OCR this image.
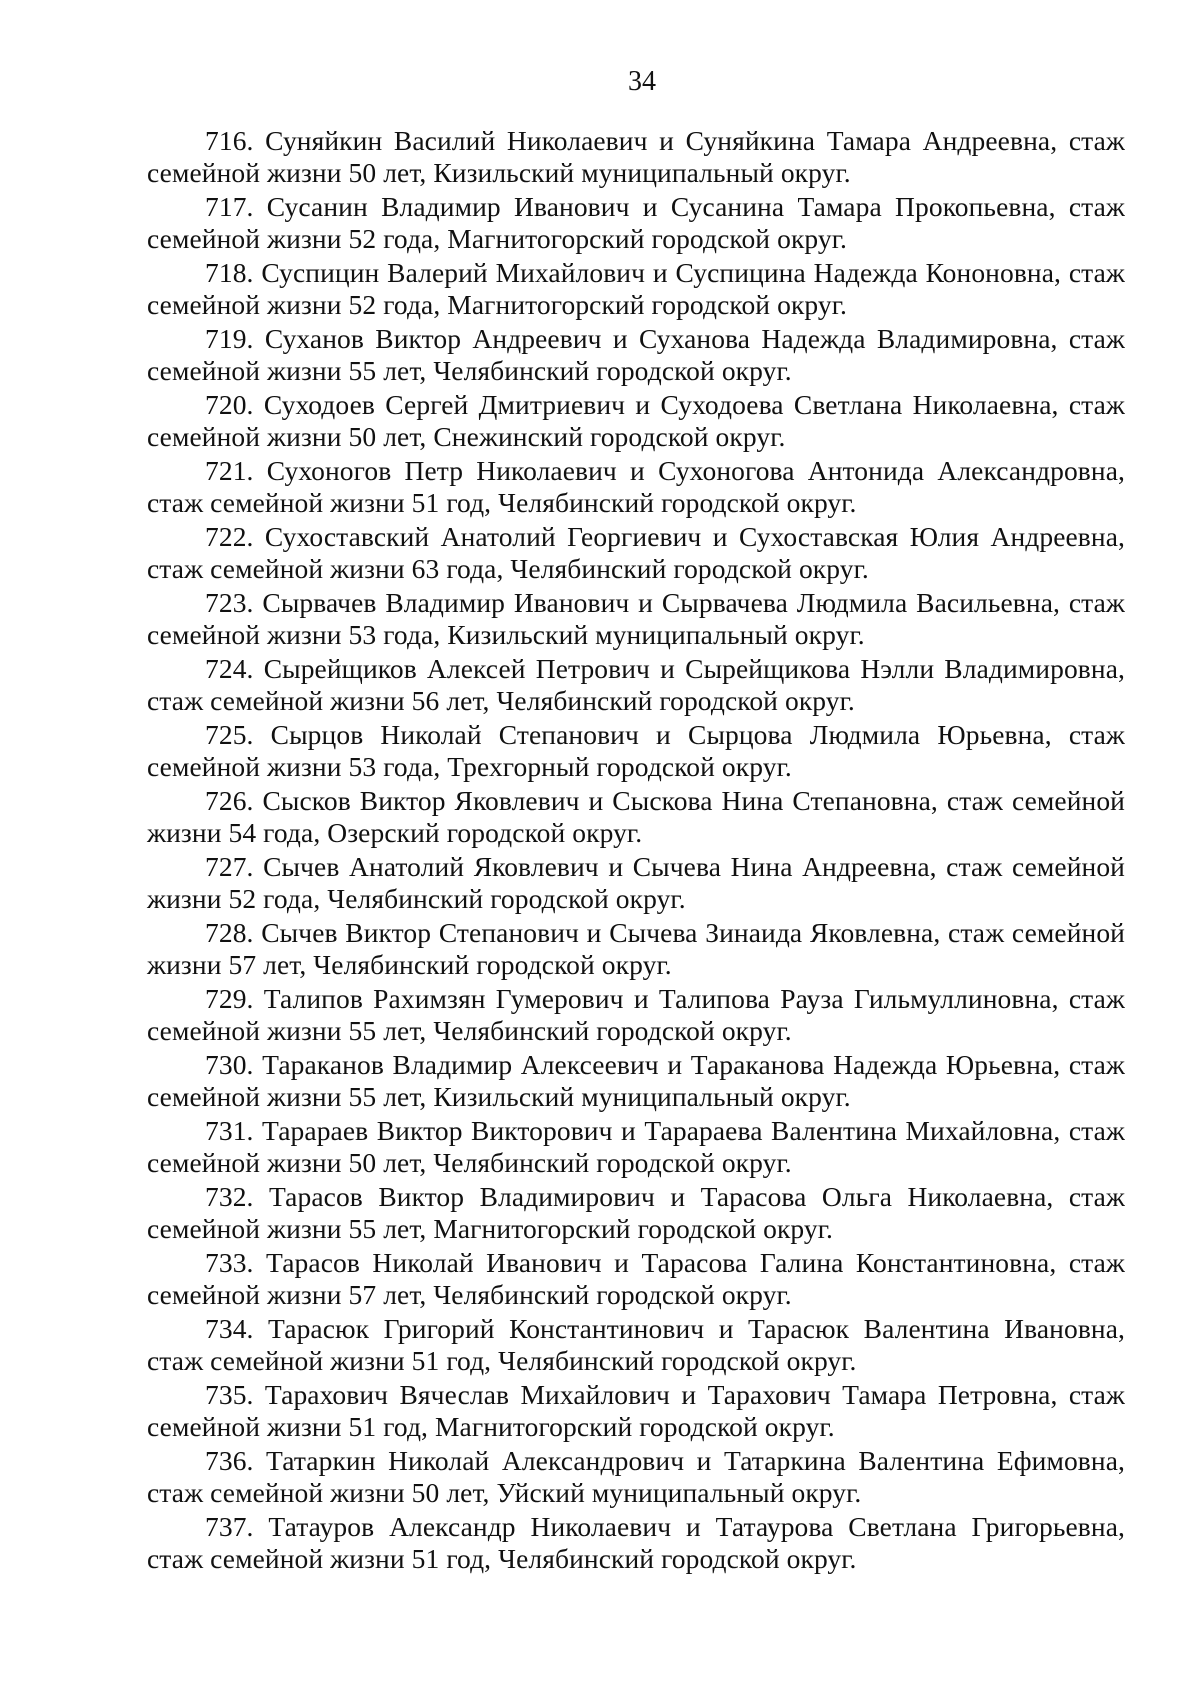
34

716. Суняйкин Василий Николаевич и Суняйкина Тамара Андреевна, стаж семейной жизни 50 лет, Кизильский муниципальный округ.

717. Сусанин Владимир Иванович и Сусанина Тамара Прокопьевна, стаж семейной жизни 52 года, Магнитогорский городской округ.

718. Суспицин Валерий Михайлович и Суспицина Надежда Кононовна, стаж семейной жизни 52 года, Магнитогорский городской округ.

719. Суханов Виктор Андреевич и Суханова Надежда Владимировна, стаж семейной жизни 55 лет, Челябинский городской округ.

720. Суходоев Сергей Дмитриевич и Суходоева Светлана Николаевна, стаж семейной жизни 50 лет, Снежинский городской округ.

721. Сухоногов Петр Николаевич и Сухоногова Антонида Александровна, стаж семейной жизни 51 год, Челябинский городской округ.

722. Сухоставский Анатолий Георгиевич и Сухоставская Юлия Андреевна, стаж семейной жизни 63 года, Челябинский городской округ.

723. Сырвачев Владимир Иванович и Сырвачева Людмила Васильевна, стаж семейной жизни 53 года, Кизильский муниципальный округ.

724. Сырейщиков Алексей Петрович и Сырейщикова Нэлли Владимировна, стаж семейной жизни 56 лет, Челябинский городской округ.

725. Сырцов Николай Степанович и Сырцова Людмила Юрьевна, стаж семейной жизни 53 года, Трехгорный городской округ.

726. Сысков Виктор Яковлевич и Сыскова Нина Степановна, стаж семейной жизни 54 года, Озерский городской округ.

727. Сычев Анатолий Яковлевич и Сычева Нина Андреевна, стаж семейной жизни 52 года, Челябинский городской округ.

728. Сычев Виктор Степанович и Сычева Зинаида Яковлевна, стаж семейной жизни 57 лет, Челябинский городской округ.

729. Талипов Рахимзян Гумерович и Талипова Рауза Гильмуллиновна, стаж семейной жизни 55 лет, Челябинский городской округ.

730. Тараканов Владимир Алексеевич и Тараканова Надежда Юрьевна, стаж семейной жизни 55 лет, Кизильский муниципальный округ.

731. Тарараев Виктор Викторович и Тарараева Валентина Михайловна, стаж семейной жизни 50 лет, Челябинский городской округ.

732. Тарасов Виктор Владимирович и Тарасова Ольга Николаевна, стаж семейной жизни 55 лет, Магнитогорский городской округ.

733. Тарасов Николай Иванович и Тарасова Галина Константиновна, стаж семейной жизни 57 лет, Челябинский городской округ.

734. Тарасюк Григорий Константинович и Тарасюк Валентина Ивановна, стаж семейной жизни 51 год, Челябинский городской округ.

735. Тарахович Вячеслав Михайлович и Тарахович Тамара Петровна, стаж семейной жизни 51 год, Магнитогорский городской округ.

736. Татаркин Николай Александрович и Татаркина Валентина Ефимовна, стаж семейной жизни 50 лет, Уйский муниципальный округ.

737. Татауров Александр Николаевич и Татаурова Светлана Григорьевна, стаж семейной жизни 51 год, Челябинский городской округ.
